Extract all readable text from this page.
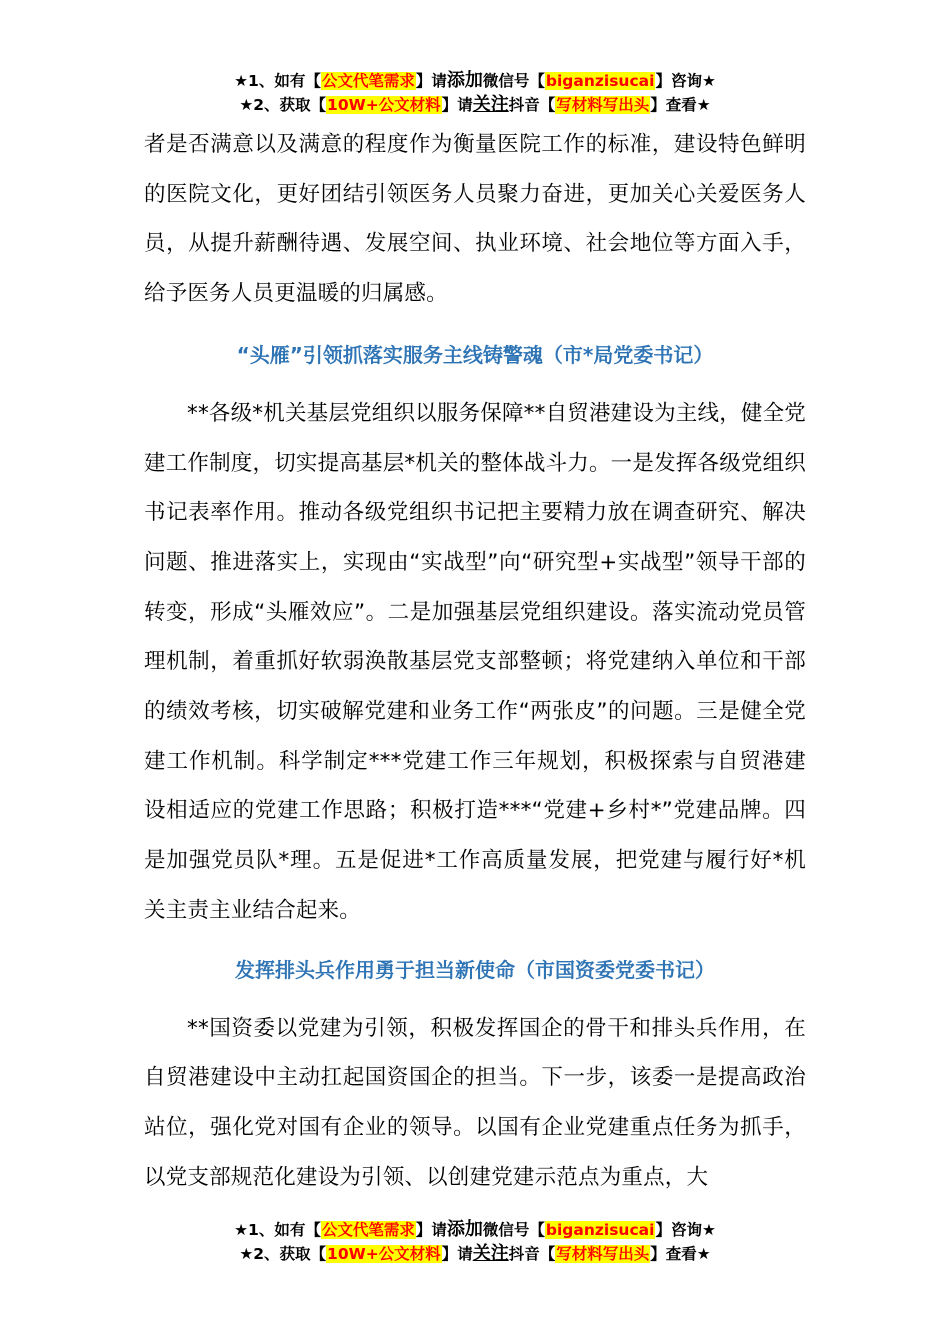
★1、如有【公文代笔需求】请添加微信号【biganzisucai】咨询★
★2、获取【10W+公文材料】请关注抖音【写材料写出头】查看★

者是否满意以及满意的程度作为衡量医院工作的标准，建设特色鲜明的医院文化，更好团结引领医务人员聚力奋进，更加关心关爱医务人员，从提升薪酬待遇、发展空间、执业环境、社会地位等方面入手，给予医务人员更温暖的归属感。

“头雁”引领抓落实服务主线铸警魂（市*局党委书记）

**各级*机关基层党组织以服务保障**自贸港建设为主线，健全党建工作制度，切实提高基层*机关的整体战斗力。一是发挥各级党组织书记表率作用。推动各级党组织书记把主要精力放在调查研究、解决问题、推进落实上，实现由“实战型”向“研究型+实战型”领导干部的转变，形成“头雁效应”。二是加强基层党组织建设。落实流动党员管理机制，着重抓好软弱涣散基层党支部整顿；将党建纳入单位和干部的绩效考核，切实破解党建和业务工作“两张皮”的问题。三是健全党建工作机制。科学制定***党建工作三年规划，积极探索与自贸港建设相适应的党建工作思路；积极打造***“党建+乡村*”党建品牌。四是加强党员队*理。五是促进*工作高质量发展，把党建与履行好*机关主责主业结合起来。

发挥排头兵作用勇于担当新使命（市国资委党委书记）

**国资委以党建为引领，积极发挥国企的骨干和排头兵作用，在自贸港建设中主动扛起国资国企的担当。下一步，该委一是提高政治站位，强化党对国有企业的领导。以国有企业党建重点任务为抓手，以党支部规范化建设为引领、以创建党建示范点为重点，大

★1、如有【公文代笔需求】请添加微信号【biganzisucai】咨询★
★2、获取【10W+公文材料】请关注抖音【写材料写出头】查看★
